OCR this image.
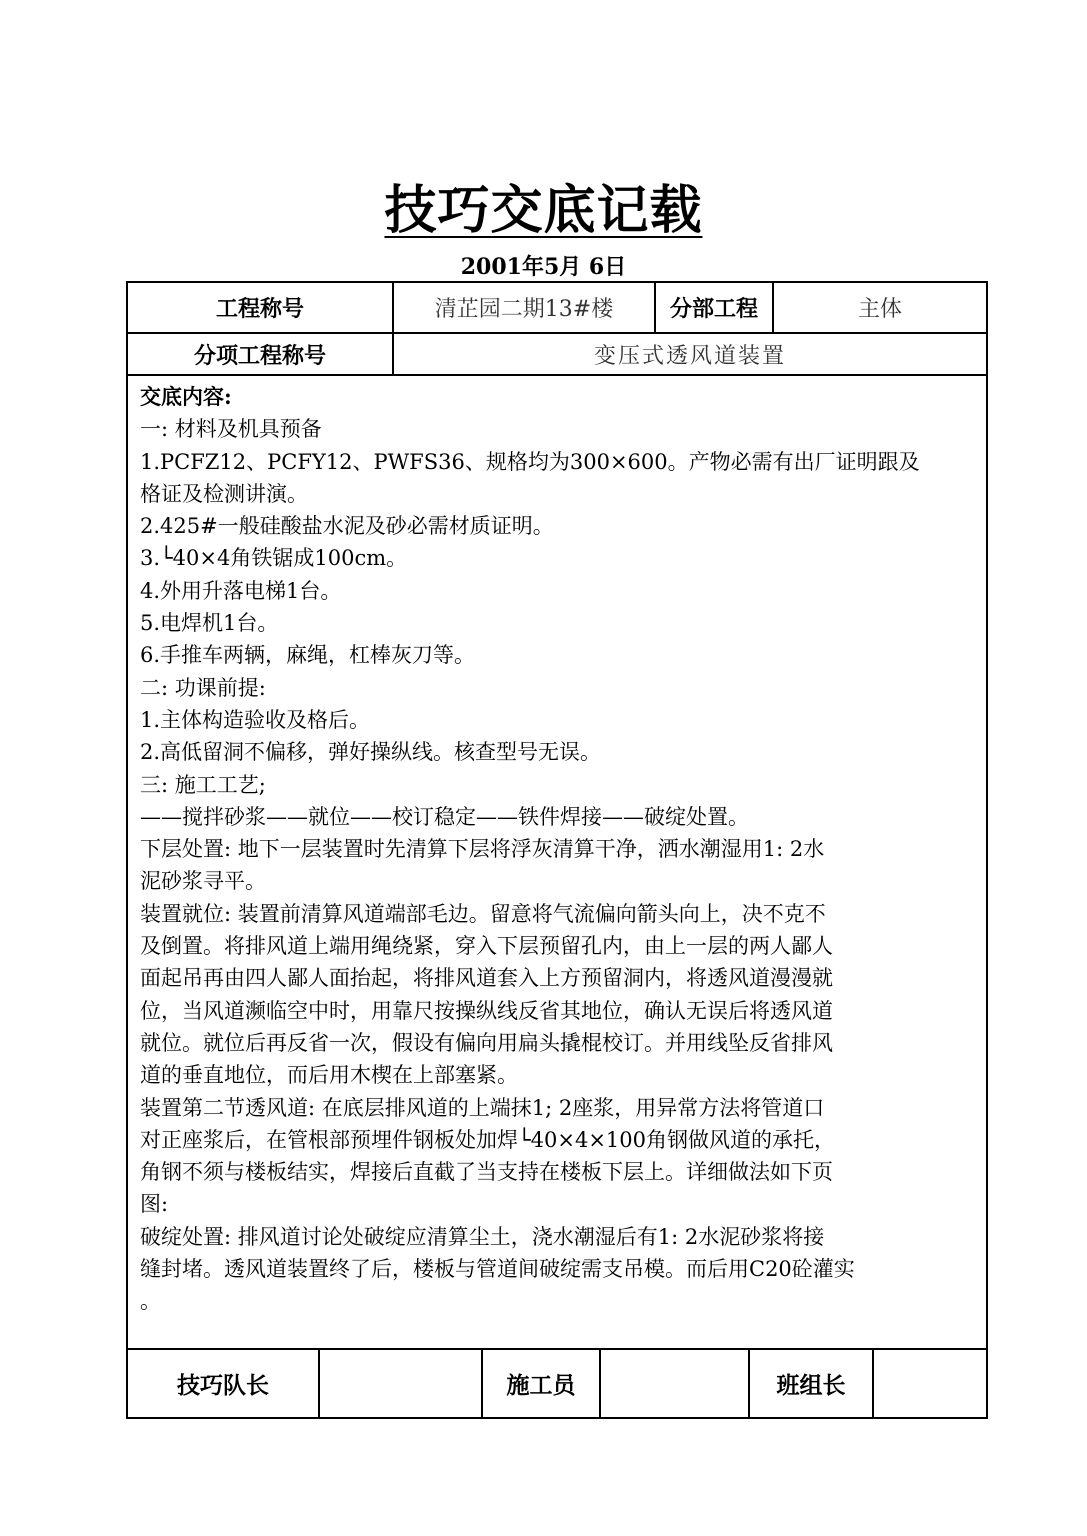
技巧交底记载
2001年5月 6日
工程称号	清芷园二期13#楼	分部工程	主体
分项工程称号	变压式透风道装置
交底内容:
一: 材料及机具预备
1.PCFZ12、PCFY12、PWFS36、规格均为300×600。产物必需有出厂证明跟及
格证及检测讲演。
2.425#一般硅酸盐水泥及砂必需材质证明。
3.└40×4角铁锯成100cm。
4.外用升落电梯1台。
5.电焊机1台。
6.手推车两辆，麻绳，杠棒灰刀等。
二: 功课前提:
1.主体构造验收及格后。
2.高低留洞不偏移，弹好操纵线。核查型号无误。
三: 施工工艺;
——搅拌砂浆——就位——校订稳定——铁件焊接——破绽处置。
下层处置: 地下一层装置时先清算下层将浮灰清算干净，洒水潮湿用1: 2水
泥砂浆寻平。
装置就位: 装置前清算风道端部毛边。留意将气流偏向箭头向上，决不克不
及倒置。将排风道上端用绳绕紧，穿入下层预留孔内，由上一层的两人鄙人
面起吊再由四人鄙人面抬起，将排风道套入上方预留洞内，将透风道漫漫就
位，当风道濒临空中时，用靠尺按操纵线反省其地位，确认无误后将透风道
就位。就位后再反省一次，假设有偏向用扁头撬棍校订。并用线坠反省排风
道的垂直地位，而后用木楔在上部塞紧。
装置第二节透风道: 在底层排风道的上端抹1; 2座浆，用异常方法将管道口
对正座浆后，在管根部预埋件钢板处加焊└40×4×100角钢做风道的承托，
角钢不须与楼板结实，焊接后直截了当支持在楼板下层上。详细做法如下页
图:
破绽处置: 排风道讨论处破绽应清算尘土，浇水潮湿后有1: 2水泥砂浆将接
缝封堵。透风道装置终了后，楼板与管道间破绽需支吊模。而后用C20砼灌实
。
技巧队长	施工员	班组长
